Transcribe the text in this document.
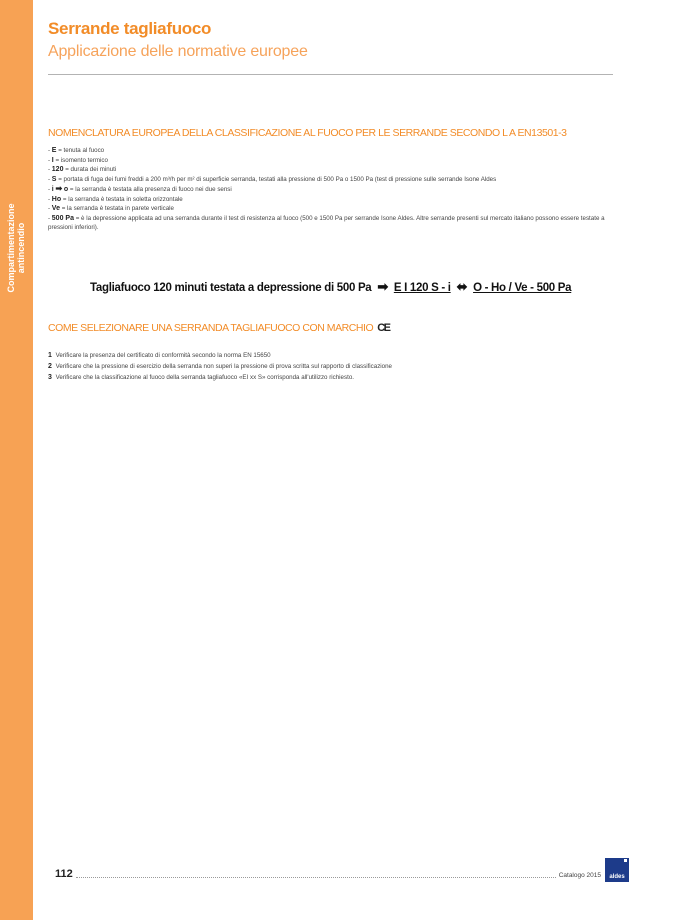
Compartimentazione antincendio
Serrande tagliafuoco
Applicazione delle normative europee
NOMENCLATURA EUROPEA DELLA CLASSIFICAZIONE AL FUOCO PER LE SERRANDE SECONDO L A EN13501-3
- E = tenuta al fuoco
- I = isomento termico
- 120 = durata dei minuti
- S = portata di fuga dei fumi freddi a 200 m³/h per m² di superficie serranda, testati alla pressione di 500 Pa o 1500 Pa (test di pressione sulle serrande Isone Aldes
- i ➡ o = la serranda è testata alla presenza di fuoco nei due sensi
- Ho = la serranda è testata in soletta orizzontale
- Ve = la serranda è testata in parete verticale
- 500 Pa = è la depressione applicata ad una serranda durante il test di resistenza al fuoco (500 e 1500 Pa per serrande Isone Aldes. Altre serrande presenti sul mercato italiano possono essere testate a pressioni inferiori).
Tagliafuoco 120 minuti testata a depressione di 500 Pa ➡ E I 120 S - i ⬌ O - Ho / Ve - 500 Pa
COME SELEZIONARE UNA SERRANDA TAGLIAFUOCO CON MARCHIO CE
1 Verificare la presenza del certificato di conformità secondo la norma EN 15650
2 Verificare che la pressione di esercizio della serranda non superi la pressione di prova scritta sul rapporto di classificazione
3 Verificare che la classificazione al fuoco della serranda tagliafuoco «EI xx S» corrisponda all'utilizzo richiesto.
112	Catalogo 2015	aldes
